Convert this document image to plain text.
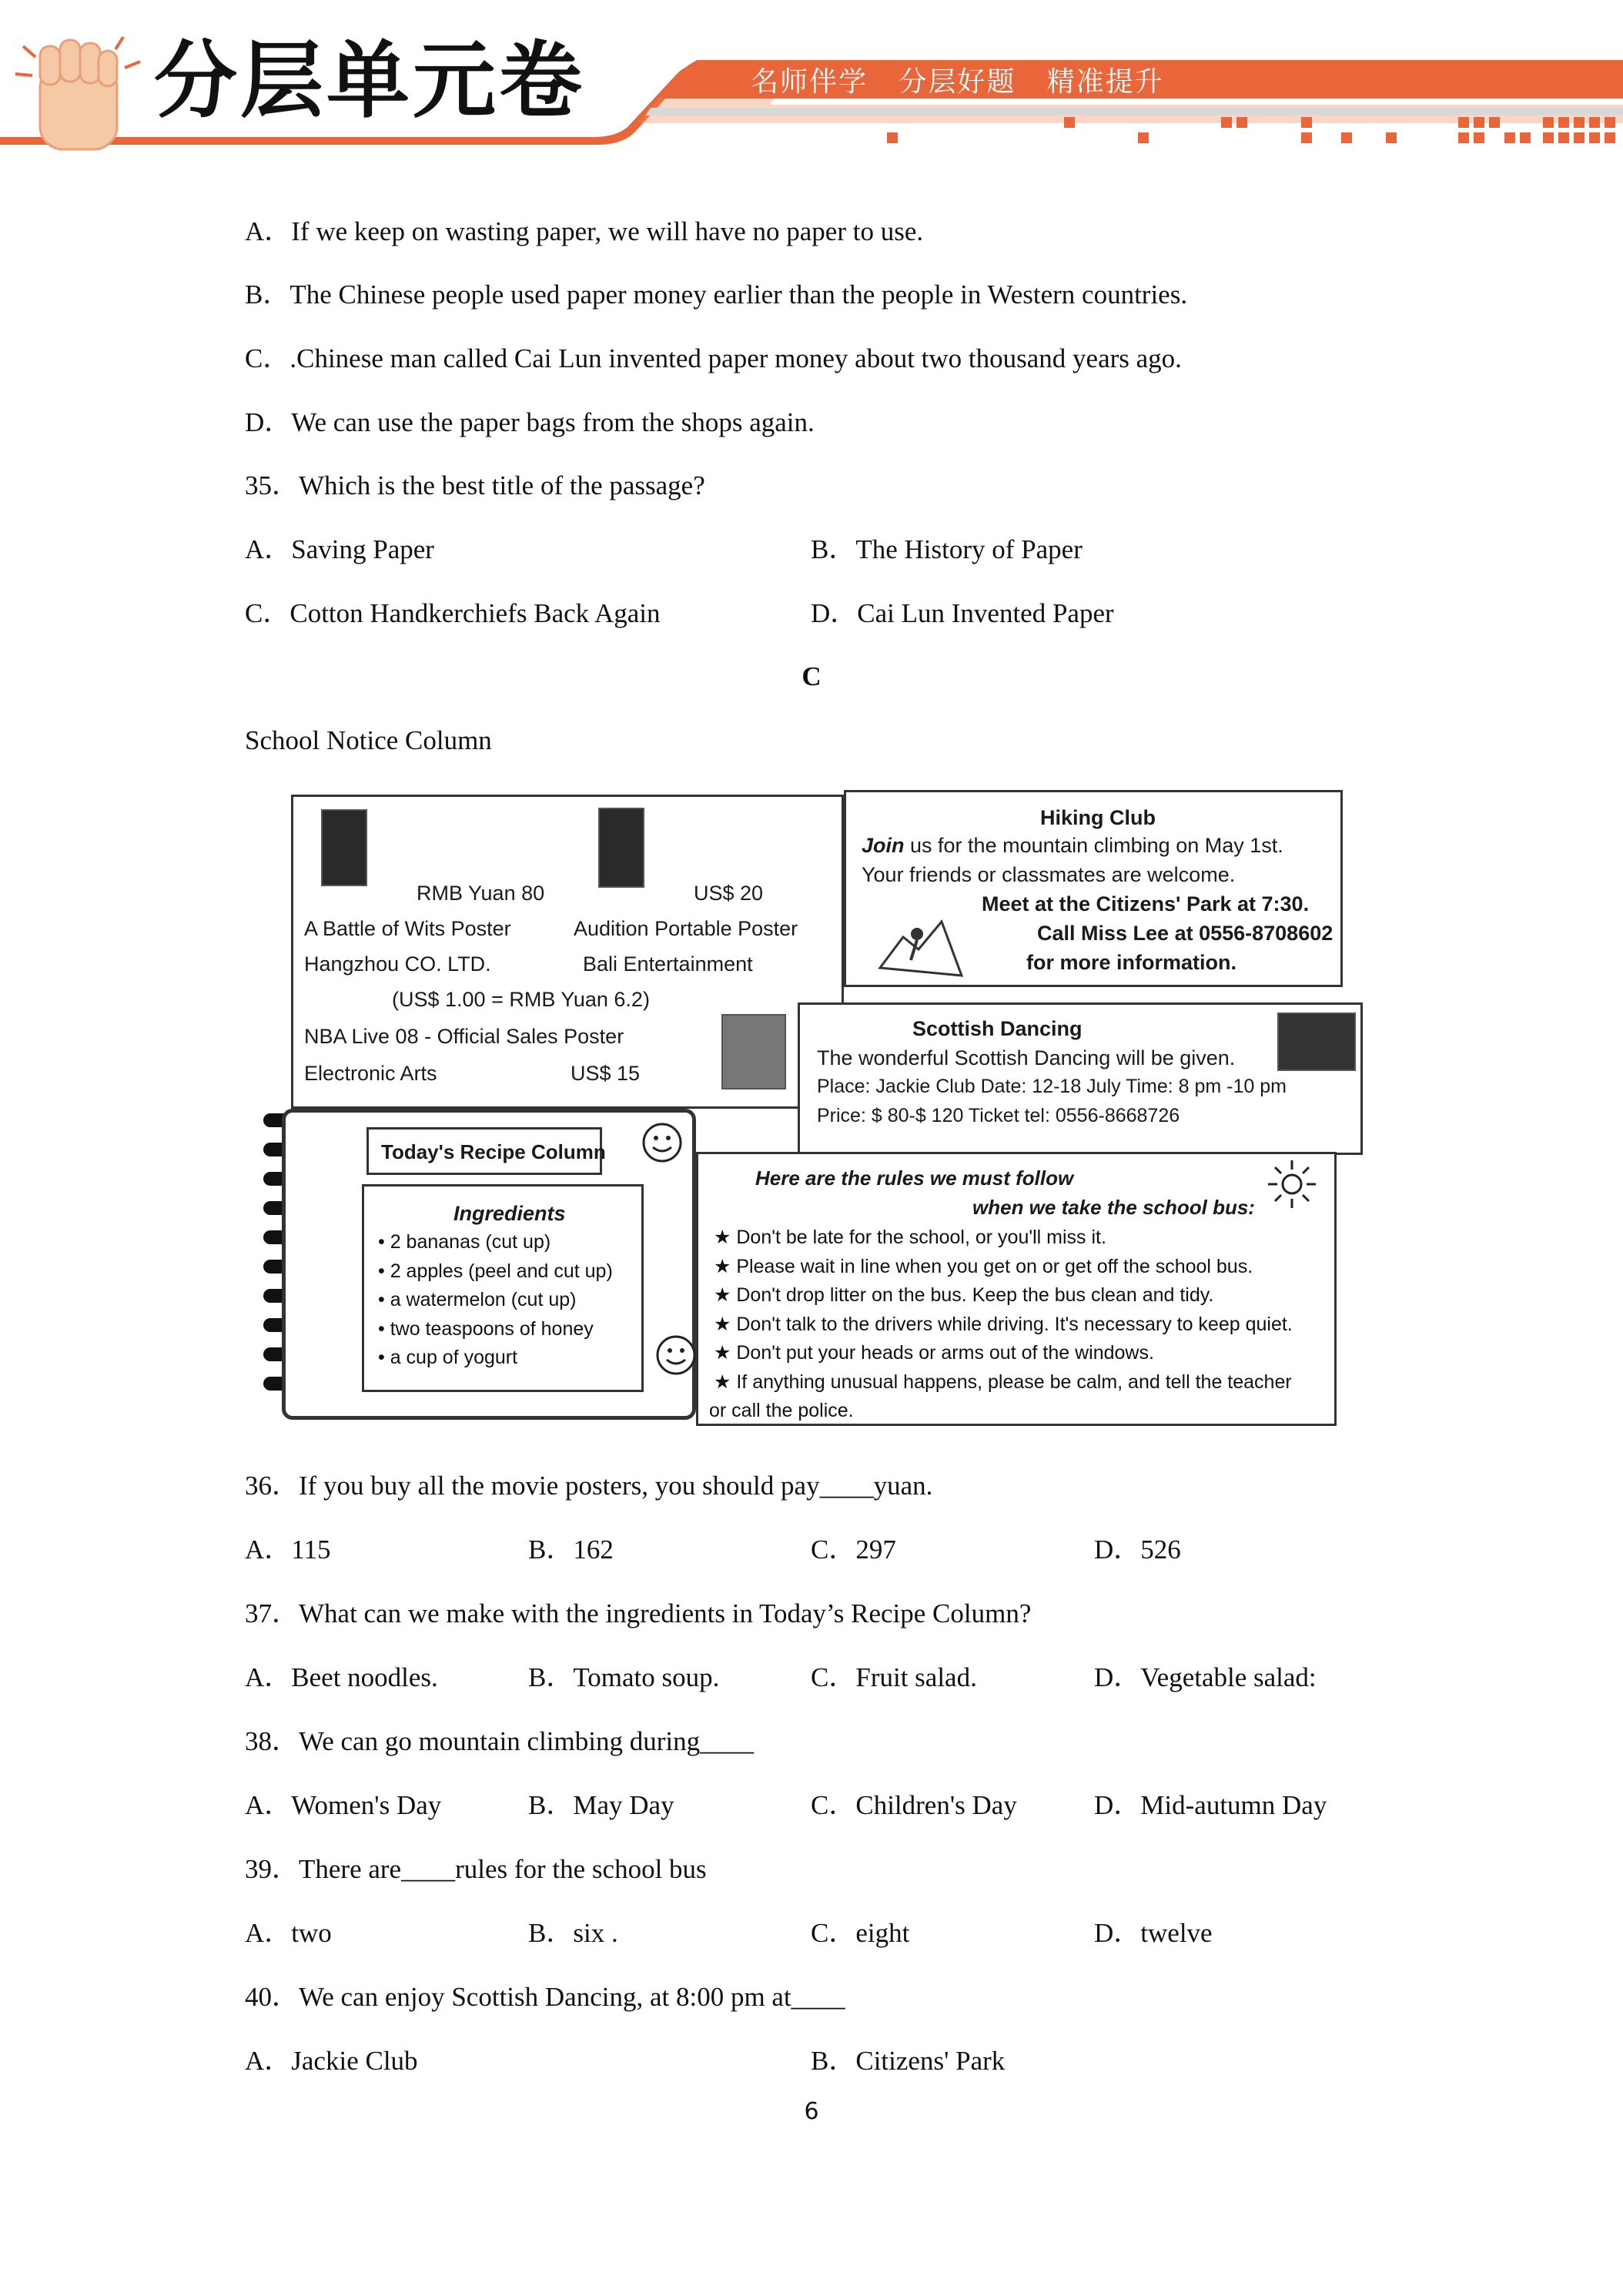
分层单元卷	名师伴学   分层好题   精准提升
A．If we keep on wasting paper, we will have no paper to use.
B．The Chinese people used paper money earlier than the people in Western countries.
C．.Chinese man called Cai Lun invented paper money about two thousand years ago.
D．We can use the paper bags from the shops again.
35．Which is the best title of the passage?
A．Saving Paper	B．The History of Paper
C．Cotton Handkerchiefs Back Again	D．Cai Lun Invented Paper
C
School Notice Column
RMB Yuan 80	US$ 20
A Battle of Wits Poster	Audition Portable Poster
Hangzhou CO. LTD.	Bali Entertainment
(US$ 1.00 = RMB Yuan 6.2)
NBA Live 08 - Official Sales Poster
Electronic Arts	US$ 15
Hiking Club
Join us for the mountain climbing on May 1st.
Your friends or classmates are welcome.
Meet at the Citizens' Park at 7:30.
Call Miss Lee at 0556-8708602
for more information.
Scottish Dancing
The wonderful Scottish Dancing will be given.
Place: Jackie Club Date: 12-18 July Time: 8 pm -10 pm
Price: $ 80-$ 120 Ticket tel: 0556-8668726
Today's Recipe Column
Ingredients
• 2 bananas (cut up)
• 2 apples (peel and cut up)
• a watermelon (cut up)
• two teaspoons of honey
• a cup of yogurt
Here are the rules we must follow
when we take the school bus:
★ Don't be late for the school, or you'll miss it.
★ Please wait in line when you get on or get off the school bus.
★ Don't drop litter on the bus. Keep the bus clean and tidy.
★ Don't talk to the drivers while driving. It's necessary to keep quiet.
★ Don't put your heads or arms out of the windows.
★ If anything unusual happens, please be calm, and tell the teacher
or call the police.
36．If you buy all the movie posters, you should pay____yuan.
A．115	B．162	C．297	D．526
37．What can we make with the ingredients in Today’s Recipe Column?
A．Beet noodles.	B．Tomato soup.	C．Fruit salad.	D．Vegetable salad:
38．We can go mountain climbing during____
A．Women's Day	B．May Day	C．Children's Day	D．Mid-autumn Day
39．There are____rules for the school bus
A．two	B．six .	C．eight	D．twelve
40．We can enjoy Scottish Dancing, at 8:00 pm at____
A．Jackie Club	B．Citizens' Park
6
